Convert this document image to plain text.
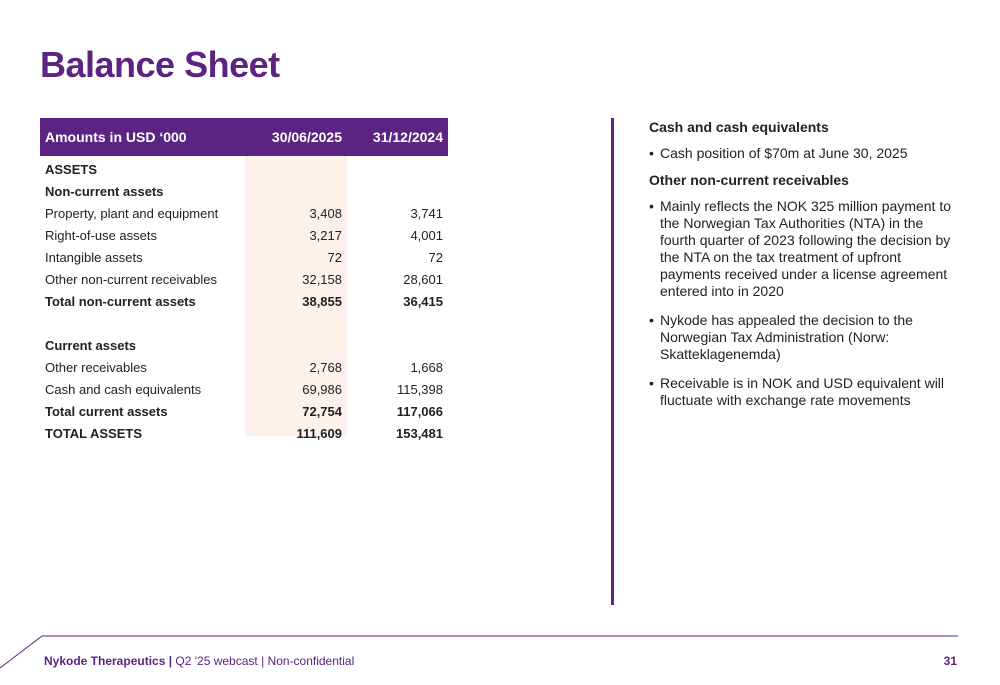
Balance Sheet
Amounts in USD ‘000	30/06/2025 31/12/2024
ASSETS
Non-current assets
Property, plant and equipment	3,408	3,741
Right-of-use assets	3,217	4,001
Intangible assets	72	72
Other non-current receivables	32,158	28,601
Total non-current assets	38,855	36,415
Current assets
Other receivables	2,768	1,668
Cash and cash equivalents	69,986	115,398
Total current assets	72,754	117,066
TOTAL ASSETS	111,609	153,481
Cash and cash equivalents
• Cash position of $70m at June 30, 2025
Other non-current receivables
• Mainly reflects the NOK 325 million payment to the Norwegian Tax Authorities (NTA) in the fourth quarter of 2023 following the decision by the NTA on the tax treatment of upfront payments received under a license agreement entered into in 2020
• Nykode has appealed the decision to the Norwegian Tax Administration (Norw: Skatteklagenemda)
• Receivable is in NOK and USD equivalent will fluctuate with exchange rate movements
Nykode Therapeutics | Q2 '25 webcast | Non-confidential	31
